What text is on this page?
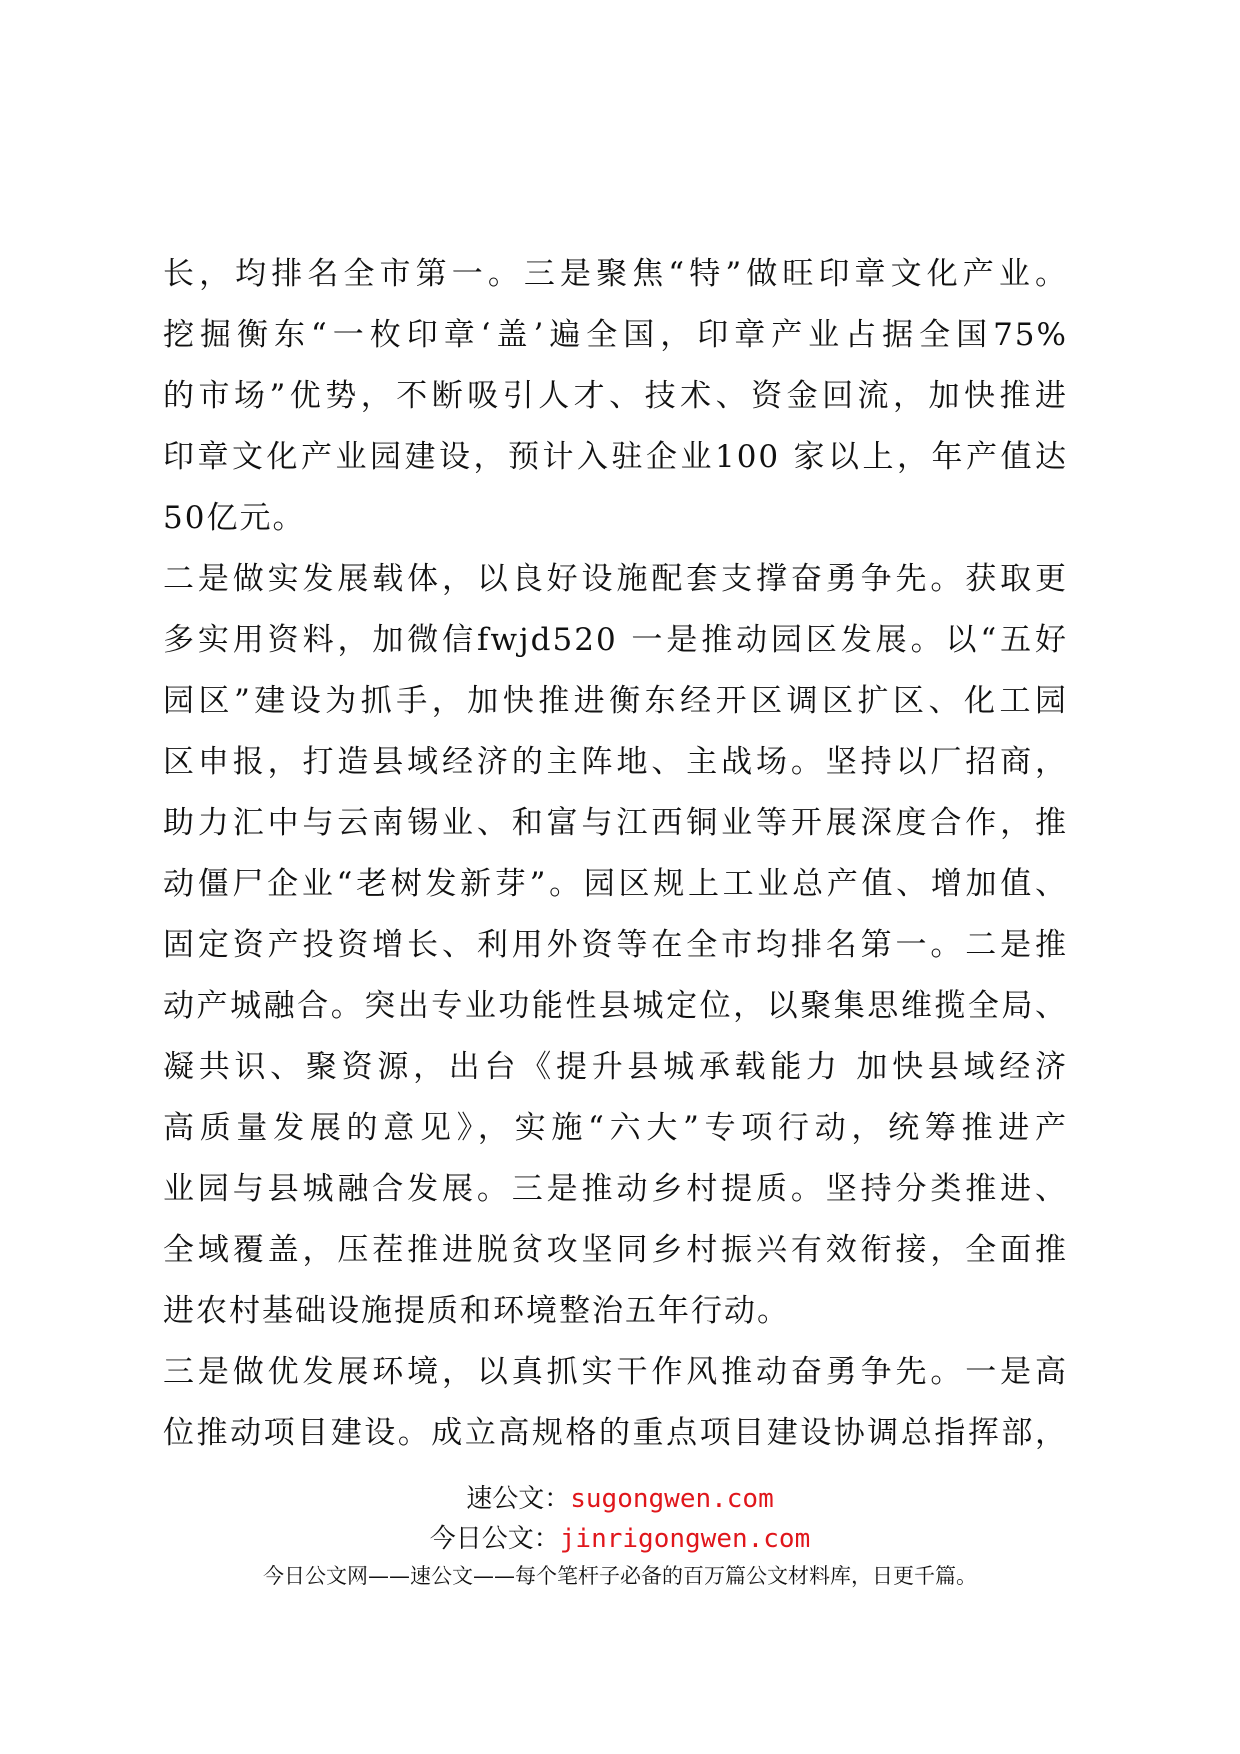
长，均排名全市第一。三是聚焦“特”做旺印章文化产业。
挖掘衡东“一枚印章‘盖’遍全国，印章产业占据全国75%
的市场”优势，不断吸引人才、技术、资金回流，加快推进
印章文化产业园建设，预计入驻企业100 家以上，年产值达
50亿元。
二是做实发展载体，以良好设施配套支撑奋勇争先。获取更
多实用资料，加微信fwjd520 一是推动园区发展。以“五好
园区”建设为抓手，加快推进衡东经开区调区扩区、化工园
区申报，打造县域经济的主阵地、主战场。坚持以厂招商，
助力汇中与云南锡业、和富与江西铜业等开展深度合作，推
动僵尸企业“老树发新芽”。园区规上工业总产值、增加值、
固定资产投资增长、利用外资等在全市均排名第一。二是推
动产城融合。突出专业功能性县城定位，以聚集思维揽全局、
凝共识、聚资源，出台《提升县城承载能力 加快县域经济
高质量发展的意见》，实施“六大”专项行动，统筹推进产
业园与县城融合发展。三是推动乡村提质。坚持分类推进、
全域覆盖，压茬推进脱贫攻坚同乡村振兴有效衔接，全面推
进农村基础设施提质和环境整治五年行动。
三是做优发展环境，以真抓实干作风推动奋勇争先。一是高
位推动项目建设。成立高规格的重点项目建设协调总指挥部，
速公文：sugongwen.com
今日公文：jinrigongwen.com
今日公文网——速公文——每个笔杆子必备的百万篇公文材料库，日更千篇。
